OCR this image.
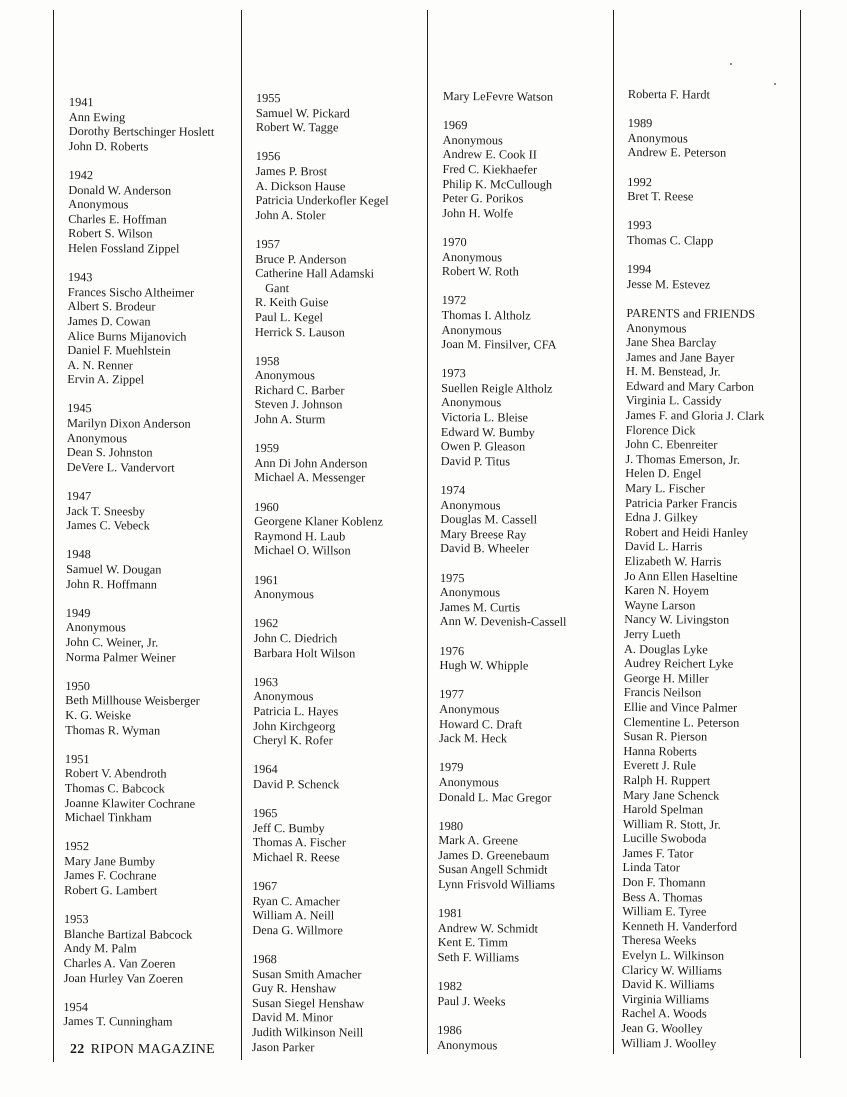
1941
Ann Ewing
Dorothy Bertschinger Hoslett
John D. Roberts
1942
Donald W. Anderson
Anonymous
Charles E. Hoffman
Robert S. Wilson
Helen Fossland Zippel
1943
Frances Sischo Altheimer
Albert S. Brodeur
James D. Cowan
Alice Burns Mijanovich
Daniel F. Muehlstein
A. N. Renner
Ervin A. Zippel
1945
Marilyn Dixon Anderson
Anonymous
Dean S. Johnston
DeVere L. Vandervort
1947
Jack T. Sneesby
James C. Vebeck
1948
Samuel W. Dougan
John R. Hoffmann
1949
Anonymous
John C. Weiner, Jr.
Norma Palmer Weiner
1950
Beth Millhouse Weisberger
K. G. Weiske
Thomas R. Wyman
1951
Robert V. Abendroth
Thomas C. Babcock
Joanne Klawiter Cochrane
Michael Tinkham
1952
Mary Jane Bumby
James F. Cochrane
Robert G. Lambert
1953
Blanche Bartizal Babcock
Andy M. Palm
Charles A. Van Zoeren
Joan Hurley Van Zoeren
1954
James T. Cunningham
1955
Samuel W. Pickard
Robert W. Tagge
1956
James P. Brost
A. Dickson Hause
Patricia Underkofler Kegel
John A. Stoler
1957
Bruce P. Anderson
Catherine Hall Adamski
Gant
R. Keith Guise
Paul L. Kegel
Herrick S. Lauson
1958
Anonymous
Richard C. Barber
Steven J. Johnson
John A. Sturm
1959
Ann Di John Anderson
Michael A. Messenger
1960
Georgene Klaner Koblenz
Raymond H. Laub
Michael O. Willson
1961
Anonymous
1962
John C. Diedrich
Barbara Holt Wilson
1963
Anonymous
Patricia L. Hayes
John Kirchgeorg
Cheryl K. Rofer
1964
David P. Schenck
1965
Jeff C. Bumby
Thomas A. Fischer
Michael R. Reese
1967
Ryan C. Amacher
William A. Neill
Dena G. Willmore
1968
Susan Smith Amacher
Guy R. Henshaw
Susan Siegel Henshaw
David M. Minor
Judith Wilkinson Neill
Jason Parker
Mary LeFevre Watson
1969
Anonymous
Andrew E. Cook II
Fred C. Kiekhaefer
Philip K. McCullough
Peter G. Porikos
John H. Wolfe
1970
Anonymous
Robert W. Roth
1972
Thomas I. Altholz
Anonymous
Joan M. Finsilver, CFA
1973
Suellen Reigle Altholz
Anonymous
Victoria L. Bleise
Edward W. Bumby
Owen P. Gleason
David P. Titus
1974
Anonymous
Douglas M. Cassell
Mary Breese Ray
David B. Wheeler
1975
Anonymous
James M. Curtis
Ann W. Devenish-Cassell
1976
Hugh W. Whipple
1977
Anonymous
Howard C. Draft
Jack M. Heck
1979
Anonymous
Donald L. Mac Gregor
1980
Mark A. Greene
James D. Greenebaum
Susan Angell Schmidt
Lynn Frisvold Williams
1981
Andrew W. Schmidt
Kent E. Timm
Seth F. Williams
1982
Paul J. Weeks
1986
Anonymous
Roberta F. Hardt
1989
Anonymous
Andrew E. Peterson
1992
Bret T. Reese
1993
Thomas C. Clapp
1994
Jesse M. Estevez
PARENTS and FRIENDS
Anonymous
Jane Shea Barclay
James and Jane Bayer
H. M. Benstead, Jr.
Edward and Mary Carbon
Virginia L. Cassidy
James F. and Gloria J. Clark
Florence Dick
John C. Ebenreiter
J. Thomas Emerson, Jr.
Helen D. Engel
Mary L. Fischer
Patricia Parker Francis
Edna J. Gilkey
Robert and Heidi Hanley
David L. Harris
Elizabeth W. Harris
Jo Ann Ellen Haseltine
Karen N. Hoyem
Wayne Larson
Nancy W. Livingston
Jerry Lueth
A. Douglas Lyke
Audrey Reichert Lyke
George H. Miller
Francis Neilson
Ellie and Vince Palmer
Clementine L. Peterson
Susan R. Pierson
Hanna Roberts
Everett J. Rule
Ralph H. Ruppert
Mary Jane Schenck
Harold Spelman
William R. Stott, Jr.
Lucille Swoboda
James F. Tator
Linda Tator
Don F. Thomann
Bess A. Thomas
William E. Tyree
Kenneth H. Vanderford
Theresa Weeks
Evelyn L. Wilkinson
Claricy W. Williams
David K. Williams
Virginia Williams
Rachel A. Woods
Jean G. Woolley
William J. Woolley
22 RIPON MAGAZINE
